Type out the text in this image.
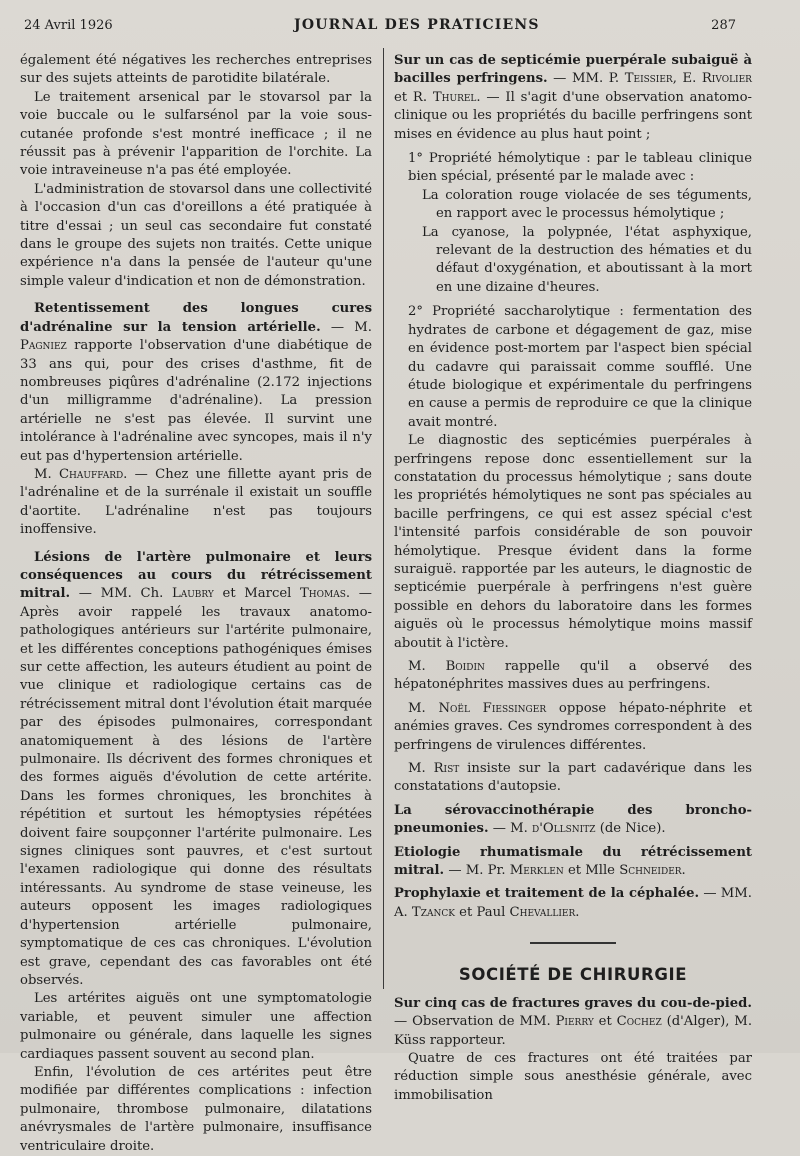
24 Avril 1926	JOURNAL DES PRATICIENS	287

également été négatives les recherches entreprises sur des sujets atteints de parotidite bilatérale.

Le traitement arsenical par le stovarsol par la voie buccale ou le sulfarsénol par la voie sous-cutanée profonde s'est montré inefficace ; il ne réussit pas à prévenir l'apparition de l'orchite. La voie intraveineuse n'a pas été employée.

L'administration de stovarsol dans une collectivité à l'occasion d'un cas d'oreillons a été pratiquée à titre d'essai ; un seul cas secondaire fut constaté dans le groupe des sujets non traités. Cette unique expérience n'a dans la pensée de l'auteur qu'une simple valeur d'indication et non de démonstration.

Retentissement des longues cures d'adrénaline sur la tension artérielle. — M. Pagniez rapporte l'observation d'une diabétique de 33 ans qui, pour des crises d'asthme, fit de nombreuses piqûres d'adrénaline (2.172 injections d'un milligramme d'adrénaline). La pression artérielle ne s'est pas élevée. Il survint une intolérance à l'adrénaline avec syncopes, mais il n'y eut pas d'hypertension artérielle.

M. Chauffard. — Chez une fillette ayant pris de l'adrénaline et de la surrénale il existait un souffle d'aortite. L'adrénaline n'est pas toujours inoffensive.

Lésions de l'artère pulmonaire et leurs conséquences au cours du rétrécissement mitral. — MM. Ch. Laubry et Marcel Thomas. — Après avoir rappelé les travaux anatomo-pathologiques antérieurs sur l'artérite pulmonaire, et les différentes conceptions pathogéniques émises sur cette affection, les auteurs étudient au point de vue clinique et radiologique certains cas de rétrécissement mitral dont l'évolution était marquée par des épisodes pulmonaires, correspondant anatomiquement à des lésions de l'artère pulmonaire. Ils décrivent des formes chroniques et des formes aiguës d'évolution de cette artérite. Dans les formes chroniques, les bronchites à répétition et surtout les hémoptysies répétées doivent faire soupçonner l'artérite pulmonaire. Les signes cliniques sont pauvres, et c'est surtout l'examen radiologique qui donne des résultats intéressants. Au syndrome de stase veineuse, les auteurs opposent les images radiologiques d'hypertension artérielle pulmonaire, symptomatique de ces cas chroniques. L'évolution est grave, cependant des cas favorables ont été observés.

Les artérites aiguës ont une symptomatologie variable, et peuvent simuler une affection pulmonaire ou générale, dans laquelle les signes cardiaques passent souvent au second plan.

Enfin, l'évolution de ces artérites peut être modifiée par différentes complications : infection pulmonaire, thrombose pulmonaire, dilatations anévrysmales de l'artère pulmonaire, insuffisance ventriculaire droite.

Sur un cas de septicémie puerpérale subaiguë à bacilles perfringens. — MM. P. Teissier, E. Rivolier et R. Thurel. — Il s'agit d'une observation anatomo-clinique ou les propriétés du bacille perfringens sont mises en évidence au plus haut point ;

1° Propriété hémolytique : par le tableau clinique bien spécial, présenté par le malade avec :

La coloration rouge violacée de ses téguments, en rapport avec le processus hémolytique ;

La cyanose, la polypnée, l'état asphyxique, relevant de la destruction des hématies et du défaut d'oxygénation, et aboutissant à la mort en une dizaine d'heures.

2° Propriété saccharolytique : fermentation des hydrates de carbone et dégagement de gaz, mise en évidence post-mortem par l'aspect bien spécial du cadavre qui paraissait comme soufflé. Une étude biologique et expérimentale du perfringens en cause a permis de reproduire ce que la clinique avait montré.

Le diagnostic des septicémies puerpérales à perfringens repose donc essentiellement sur la constatation du processus hémolytique ; sans doute les propriétés hémolytiques ne sont pas spéciales au bacille perfringens, ce qui est assez spécial c'est l'intensité parfois considérable de son pouvoir hémolytique. Presque évident dans la forme suraiguë. rapportée par les auteurs, le diagnostic de septicémie puerpérale à perfringens n'est guère possible en dehors du laboratoire dans les formes aiguës où le processus hémolytique moins massif aboutit à l'ictère.

M. Boidin rappelle qu'il a observé des hépatonéphrites massives dues au perfringens.

M. Noël Fiessinger oppose hépato-néphrite et anémies graves. Ces syndromes correspondent à des perfringens de virulences différentes.

M. Rist insiste sur la part cadavérique dans les constatations d'autopsie.

La sérovaccinothérapie des broncho-pneumonies. — M. d'Ollsnitz (de Nice).

Etiologie rhumatismale du rétrécissement mitral. — M. Pr. Merklen et Mlle Schneider.

Prophylaxie et traitement de la céphalée. — MM. A. Tzanck et Paul Chevallier.

SOCIÉTÉ DE CHIRURGIE

Sur cinq cas de fractures graves du cou-de-pied. — Observation de MM. Pierry et Cochez (d'Alger), M. Küss rapporteur.

Quatre de ces fractures ont été traitées par réduction simple sous anesthésie générale, avec immobilisation
